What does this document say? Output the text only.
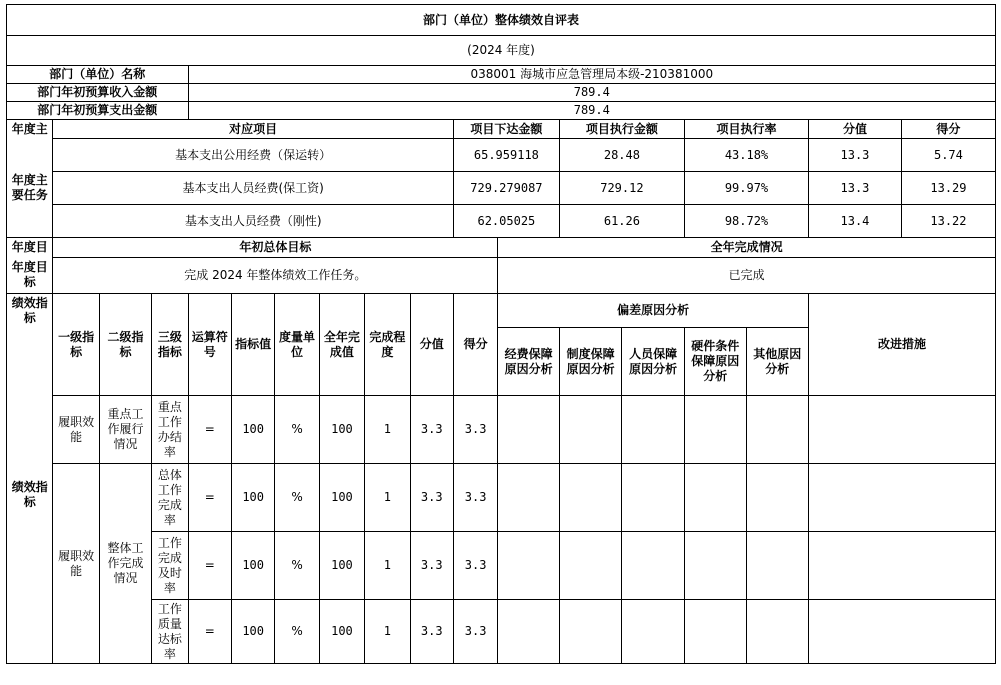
部门（单位）整体绩效自评表																	
(2024 年度)																	
部门（单位）名称				038001 海城市应急管理局本级-210381000													
部门年初预算收入金额				789.4													
部门年初预算支出金额				789.4													
年度主	对应项目									项目下达金额		项目执行金额		项目执行率		分值	得分
年度主要任务	基本支出公用经费（保运转）									65.959118		28.48		43.18%		13.3	5.74
	基本支出人员经费(保工资)									729.279087		729.12		99.97%		13.3	13.29
	基本支出人员经费（刚性)									62.05025		61.26		98.72%		13.4	13.22
年度目	年初总体目标										全年完成情况						
年度目标	完成 2024 年整体绩效工作任务。										已完成						
绩效指标	一级指标	二级指标	三级指标	运算符号	指标值	度量单位	全年完成值	完成程度	分值	得分	偏差原因分析					改进措施	
绩效指标											经费保障原因分析	制度保障原因分析	人员保障原因分析	硬件条件保障原因分析	其他原因分析		
	履职效能	重点工作履行情况	重点工作办结率	=	100	%	100	1	3.3	3.3							
	履职效能	整体工作完成情况	总体工作完成率	=	100	%	100	1	3.3	3.3							
			工作完成及时率	=	100	%	100	1	3.3	3.3							
			工作质量达标率	=	100	%	100	1	3.3	3.3							
